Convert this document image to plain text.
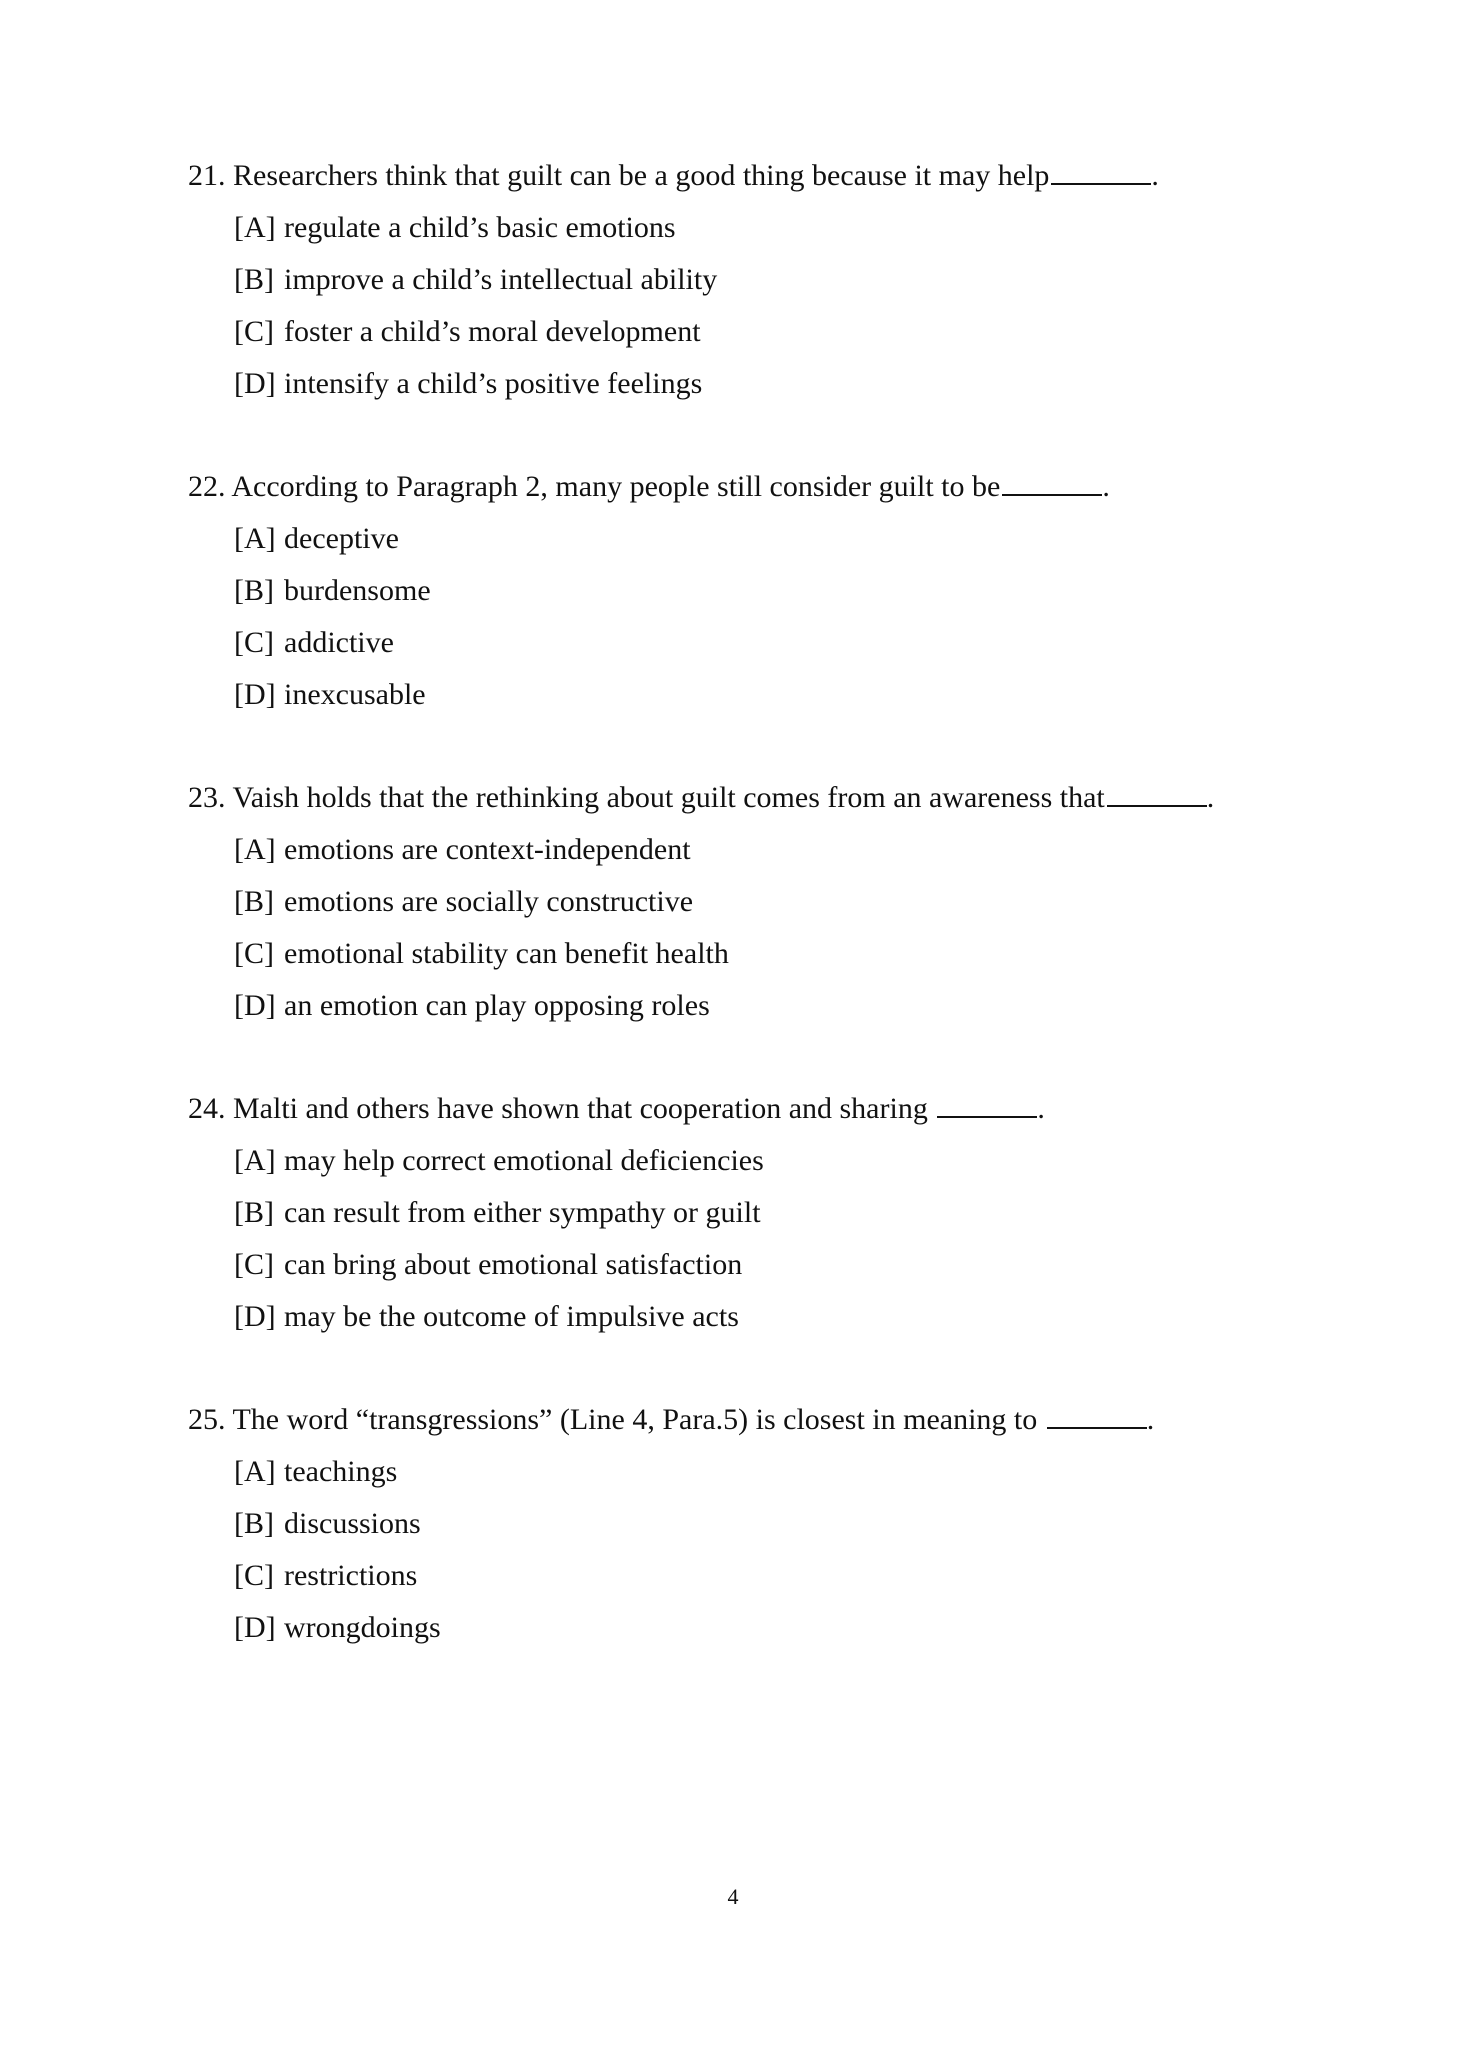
21. Researchers think that guilt can be a good thing because it may help	.
[A] regulate a child’s basic emotions
[B] improve a child’s intellectual ability
[C] foster a child’s moral development
[D] intensify a child’s positive feelings
22. According to Paragraph 2, many people still consider guilt to be	.
[A] deceptive
[B] burdensome
[C] addictive
[D] inexcusable
23. Vaish holds that the rethinking about guilt comes from an awareness that	.
[A] emotions are context-independent
[B] emotions are socially constructive
[C] emotional stability can benefit health
[D] an emotion can play opposing roles
24. Malti and others have shown that cooperation and sharing	.
[A] may help correct emotional deficiencies
[B] can result from either sympathy or guilt
[C] can bring about emotional satisfaction
[D] may be the outcome of impulsive acts
25. The word “transgressions” (Line 4, Para.5) is closest in meaning to	.
[A] teachings
[B] discussions
[C] restrictions
[D] wrongdoings
4
